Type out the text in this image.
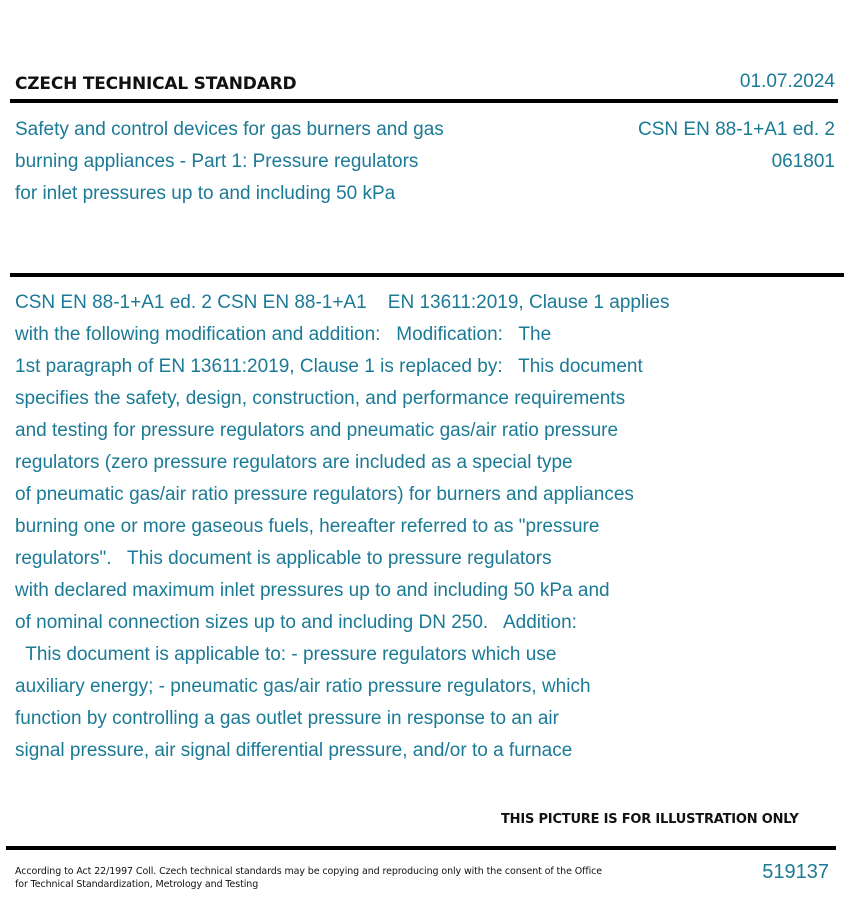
CZECH TECHNICAL STANDARD	01.07.2024
Safety and control devices for gas burners and gas
burning appliances - Part 1: Pressure regulators
for inlet pressures up to and including 50 kPa
CSN EN 88-1+A1 ed. 2
061801
CSN EN 88-1+A1 ed. 2 CSN EN 88-1+A1    EN 13611:2019, Clause 1 applies
with the following modification and addition:   Modification:   The
1st paragraph of EN 13611:2019, Clause 1 is replaced by:   This document
specifies the safety, design, construction, and performance requirements
and testing for pressure regulators and pneumatic gas/air ratio pressure
regulators (zero pressure regulators are included as a special type
of pneumatic gas/air ratio pressure regulators) for burners and appliances
burning one or more gaseous fuels, hereafter referred to as "pressure
regulators".   This document is applicable to pressure regulators
with declared maximum inlet pressures up to and including 50 kPa and
of nominal connection sizes up to and including DN 250.   Addition:
This document is applicable to: - pressure regulators which use
auxiliary energy; - pneumatic gas/air ratio pressure regulators, which
function by controlling a gas outlet pressure in response to an air
signal pressure, air signal differential pressure, and/or to a furnace
THIS PICTURE IS FOR ILLUSTRATION ONLY
According to Act 22/1997 Coll. Czech technical standards may be copying and reproducing only with the consent of the Office
for Technical Standardization, Metrology and Testing
519137
